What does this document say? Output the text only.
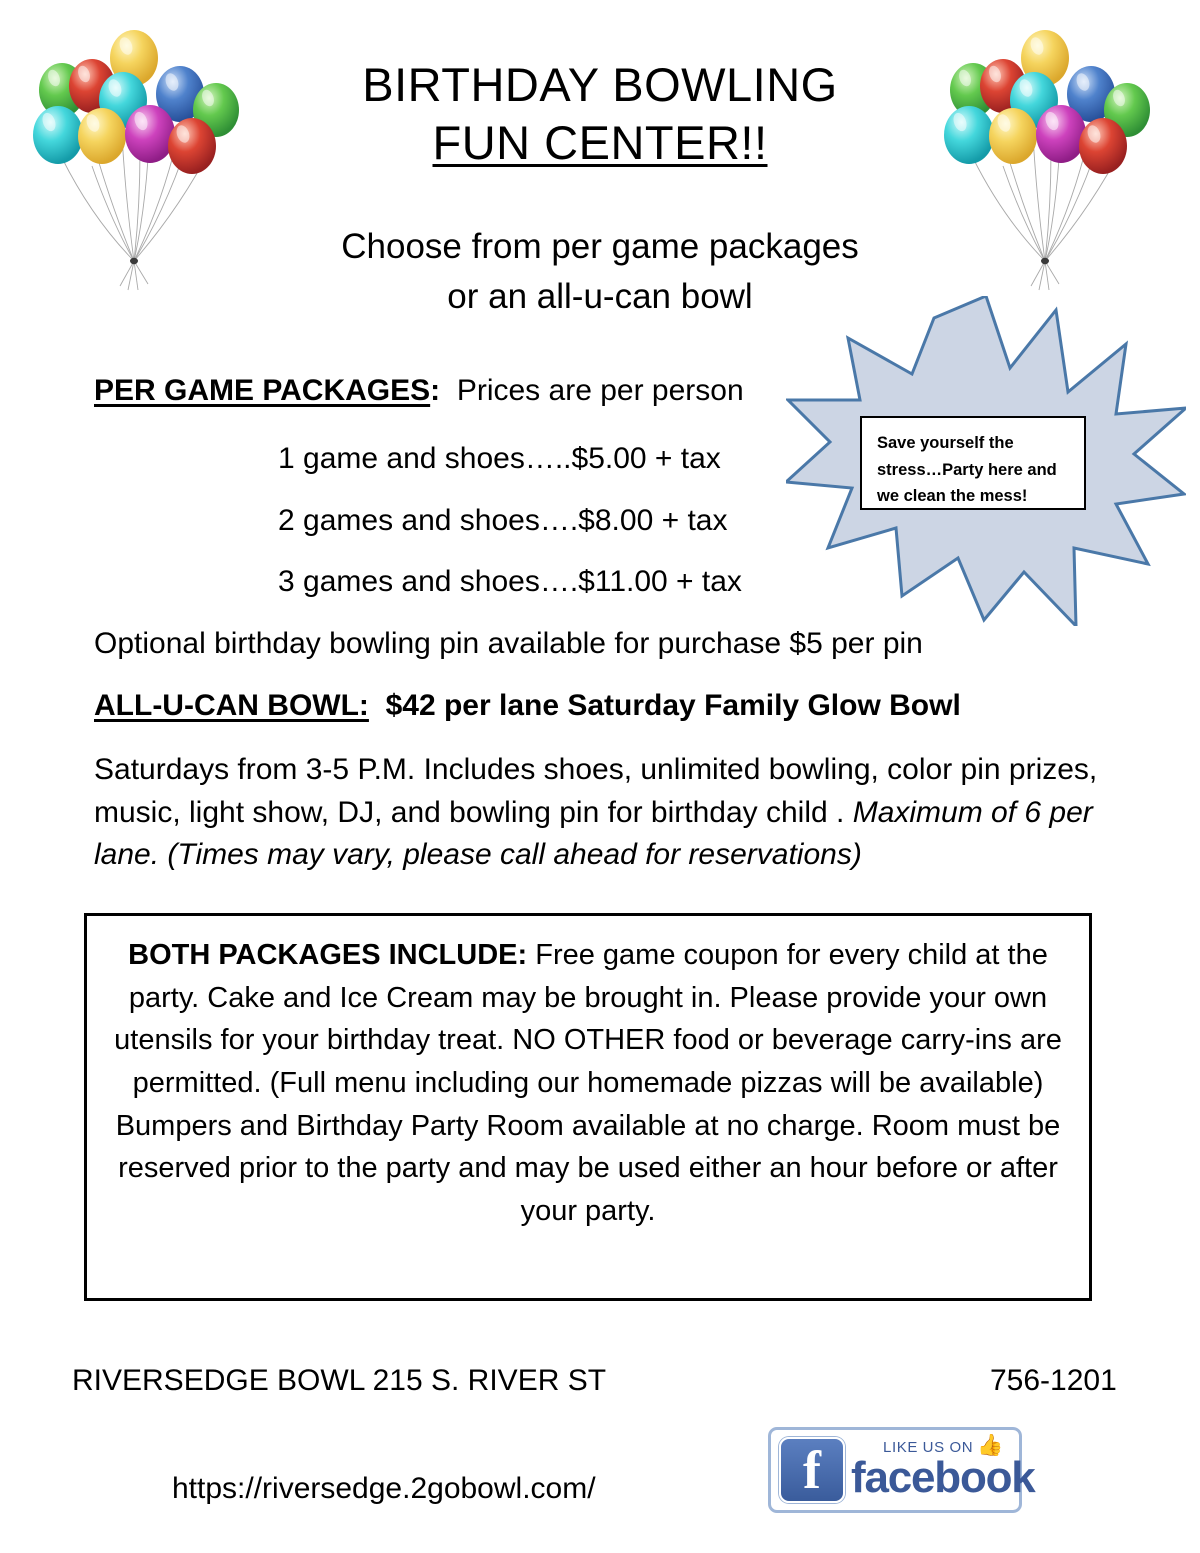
BIRTHDAY BOWLING
FUN CENTER!!
Choose from per game packages
or an all-u-can bowl
PER GAME PACKAGES: Prices are per person
1 game and shoes…..$5.00 + tax
2 games and shoes….$8.00 + tax
3 games and shoes….$11.00 + tax
Optional birthday bowling pin available for purchase $5 per pin
ALL-U-CAN BOWL: $42 per lane Saturday Family Glow Bowl
Saturdays from 3-5 P.M. Includes shoes, unlimited bowling, color pin prizes, music, light show, DJ, and bowling pin for birthday child . Maximum of 6 per lane. (Times may vary, please call ahead for reservations)
Save yourself the
stress…Party here and
we clean the mess!
BOTH PACKAGES INCLUDE: Free game coupon for every child at the party. Cake and Ice Cream may be brought in. Please provide your own utensils for your birthday treat. NO OTHER food or beverage carry-ins are permitted. (Full menu including our homemade pizzas will be available) Bumpers and Birthday Party Room available at no charge. Room must be reserved prior to the party and may be used either an hour before or after your party.
RIVERSEDGE BOWL 215 S. RIVER ST	756-1201
https://riversedge.2gobowl.com/	f	LIKE US ON 👍
facebook
